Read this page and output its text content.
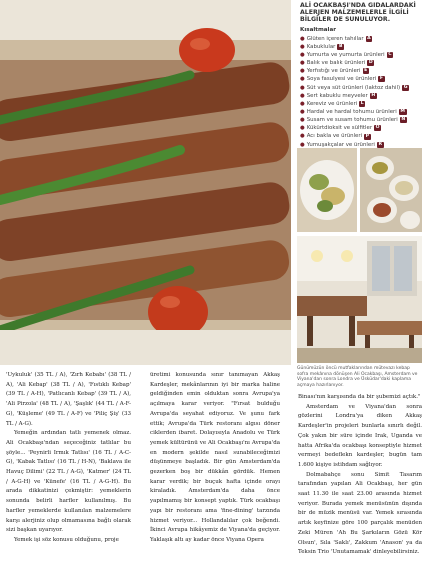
ALİ OCAKBAŞI'NDA GIDALARDAKİ ALERJEN MALZEMELERLE İLGİLİ BİLGİLER DE SUNULUYOR.
Kısaltmalar
● Glüten içeren tahıllar A
● Kabuklular B
● Yumurta ve yumurta ürünleri C
● Balık ve balık ürünleri D
● Yerfıstığı ve ürünleri E
● Soya fasulyesi ve ürünleri F
● Süt veya süt ürünleri (laktoz dahil) G
● Sert kabuklu meyveler H
● Kereviz ve ürünleri L
● Hardal ve hardal tohumu ürünleri M
● Susam ve susam tohumu ürünleri N
● Kükürtdioksit ve sülfitler O
● Acı bakla ve ürünleri P
● Yumuşakçalar ve ürünleri R
Günümüzün öncü mutfaklarından mütevazı kebap sofra mekânına dönüşen Ali Ocakbaşı, Amsterdam ve Viyana'dan sonra Londra ve Üsküdar'daki kaplama açmaya hazırlanıyor.

'Uykuluk' (35 TL / A), 'Zırh Kebabı' (38 TL / A), 'Ali Kebap' (38 TL / A), 'Fıstıklı Kebap' (39 TL / A-H), 'Patlıcanlı Kebap' (39 TL / A), 'Ali Pirzola' (48 TL / A), 'Şaşlık' (44 TL / A-F-G), 'Küşleme' (49 TL / A-F) ve 'Piliç Şiş' (33 TL / A-G).

Yemeğin ardından tatlı yemenek olmaz. Ali Ocakbaşı'ndan seçeceğiniz tatlılar bu şöyle... 'Peynirli Irmık Tatlısı' (16 TL / A-C-G), 'Kabak Tatlısı' (16 TL / H-N), 'Baklava ile Havuç Dilimi' (22 TL / A-G), 'Katmer' (24 TL / A-G-H) ve 'Künefe' (16 TL / A-G-H). Bu arada dikkatinizi çekmiştir: yemeklerin sonunda belirli harfler kullanılmış. Bu harfler yemeklerde kullanılan malzemelere karşı alerjiniz olup olmamasına bağlı olarak sizi başkan uyarıyor.

Yemek işi söz konusu olduğunu, proje

üretimi konusunda sınır tanımayan Akkaş Kardeşler, mekânlarının iyi bir marka haline geldiğinden emin olduktan sonra Avrupa'ya açılmaya karar veriyor. "Fırsat bulduğu Avrupa'da seyahat ediyoruz. Ve şunu fark ettik; Avrupa'da Türk restoranı algısı döner ciklerden ibaret. Dolayısıyla Anadolu ve Türk yemek kültürünü ve Ali Ocakbaşı'nı Avrupa'da en modern şekilde nasıl sunabileceğimizi düşünmeye başladık. Bir gün Amsterdam'da gezerken boş bir dükkân gördük. Hemen karar verdik; bir buçuk hafta içinde orayı kiraladık. Amsterdam'da daha önce yapılmamış bir konsept yaptık. Türk ocakbaşı yapı bir restoranı ama 'fine-dining' tarzında hizmet veriyor... Hollandalılar çok beğendi. İkinci Avrupa hikâyemiz de Viyana'da geçiyor. Yaklaşık altı ay kadar önce Viyana Opera

Binası'nın karşısında da bir şubemizi açtık."

Amsterdam ve Viyana'dan sonra gözlerini Londra'ya diken Akkaş Kardeşler'in projeleri bunlarla sınırlı değil. Çok yakın bir süre içinde Irak, Uganda ve hatta Afrika'da ocakbaşı konseptiyle hizmet vermeyi bedeflekn kardeşler, bugün tam 1.600 kişiye istihdam sağlıyor.

Dolmabahçe sonu Simit Tasarım tarafından yapılan Ali Ocakbaşı, her gün saat 11.30 ile saat 23.00 arasında hizmet veriyor. Burada yemek menüsünün dışında bir de müzik menüsü var. Yemek sırasında artık keyfinize göre 100 parçalık menüden Zeki Müren 'Ah Bu Şarkıların Gözü Kör Olsun', Sıla 'Saklı', Zakkum 'Anason' ya da Teksin Trio 'Unutamamak' dinleyebilirsiniz.
